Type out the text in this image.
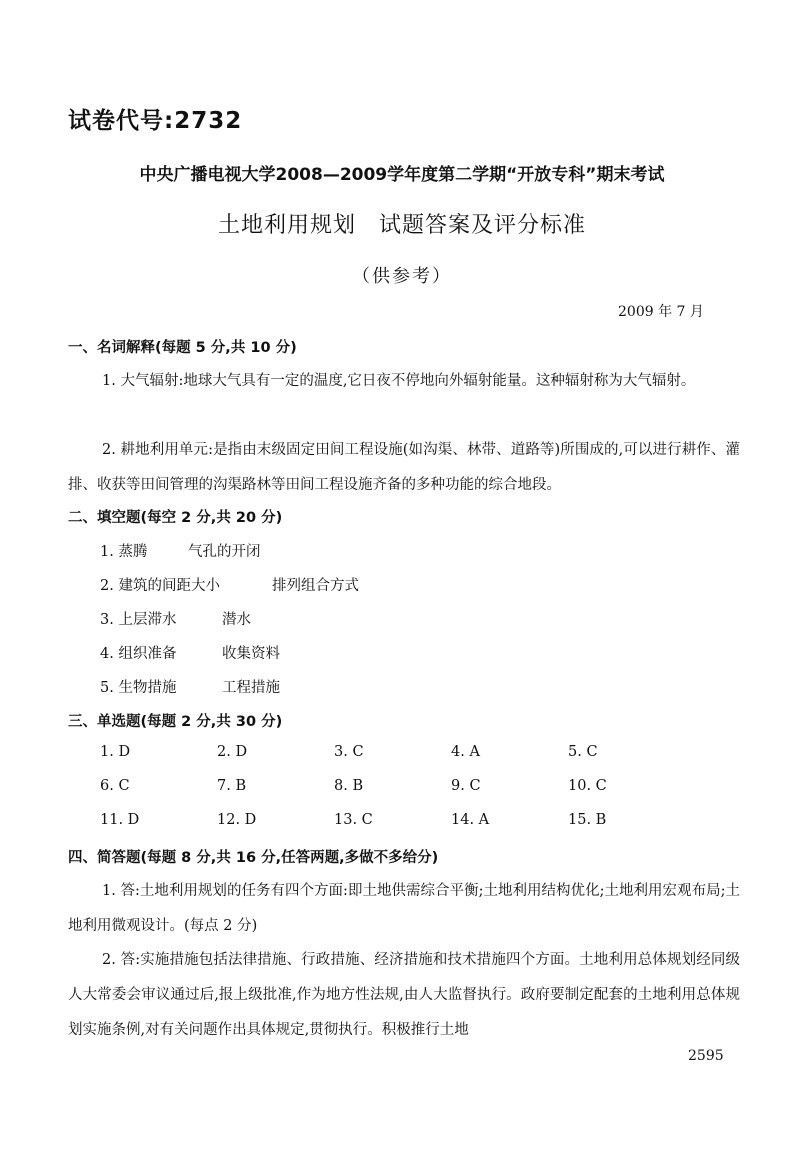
试卷代号:2732
中央广播电视大学2008—2009学年度第二学期“开放专科”期末考试
土地利用规划　试题答案及评分标准
（供参考）
2009 年 7 月
一、名词解释(每题 5 分,共 10 分)
1. 大气辐射:地球大气具有一定的温度,它日夜不停地向外辐射能量。这种辐射称为大气辐射。
2. 耕地利用单元:是指由末级固定田间工程设施(如沟渠、林带、道路等)所围成的,可以进行耕作、灌排、收获等田间管理的沟渠路林等田间工程设施齐备的多种功能的综合地段。
二、填空题(每空 2 分,共 20 分)
1. 蒸腾	气孔的开闭
2. 建筑的间距大小	排列组合方式
3. 上层滞水	潜水
4. 组织准备	收集资料
5. 生物措施	工程措施
三、单选题(每题 2 分,共 30 分)
1. D	2. D	3. C	4. A	5. C
6. C	7. B	8. B	9. C	10. C
11. D	12. D	13. C	14. A	15. B
四、简答题(每题 8 分,共 16 分,任答两题,多做不多给分)
1. 答:土地利用规划的任务有四个方面:即土地供需综合平衡;土地利用结构优化;土地利用宏观布局;土地利用微观设计。(每点 2 分)
2. 答:实施措施包括法律措施、行政措施、经济措施和技术措施四个方面。土地利用总体规划经同级人大常委会审议通过后,报上级批准,作为地方性法规,由人大监督执行。政府要制定配套的土地利用总体规划实施条例,对有关问题作出具体规定,贯彻执行。积极推行土地
2595
